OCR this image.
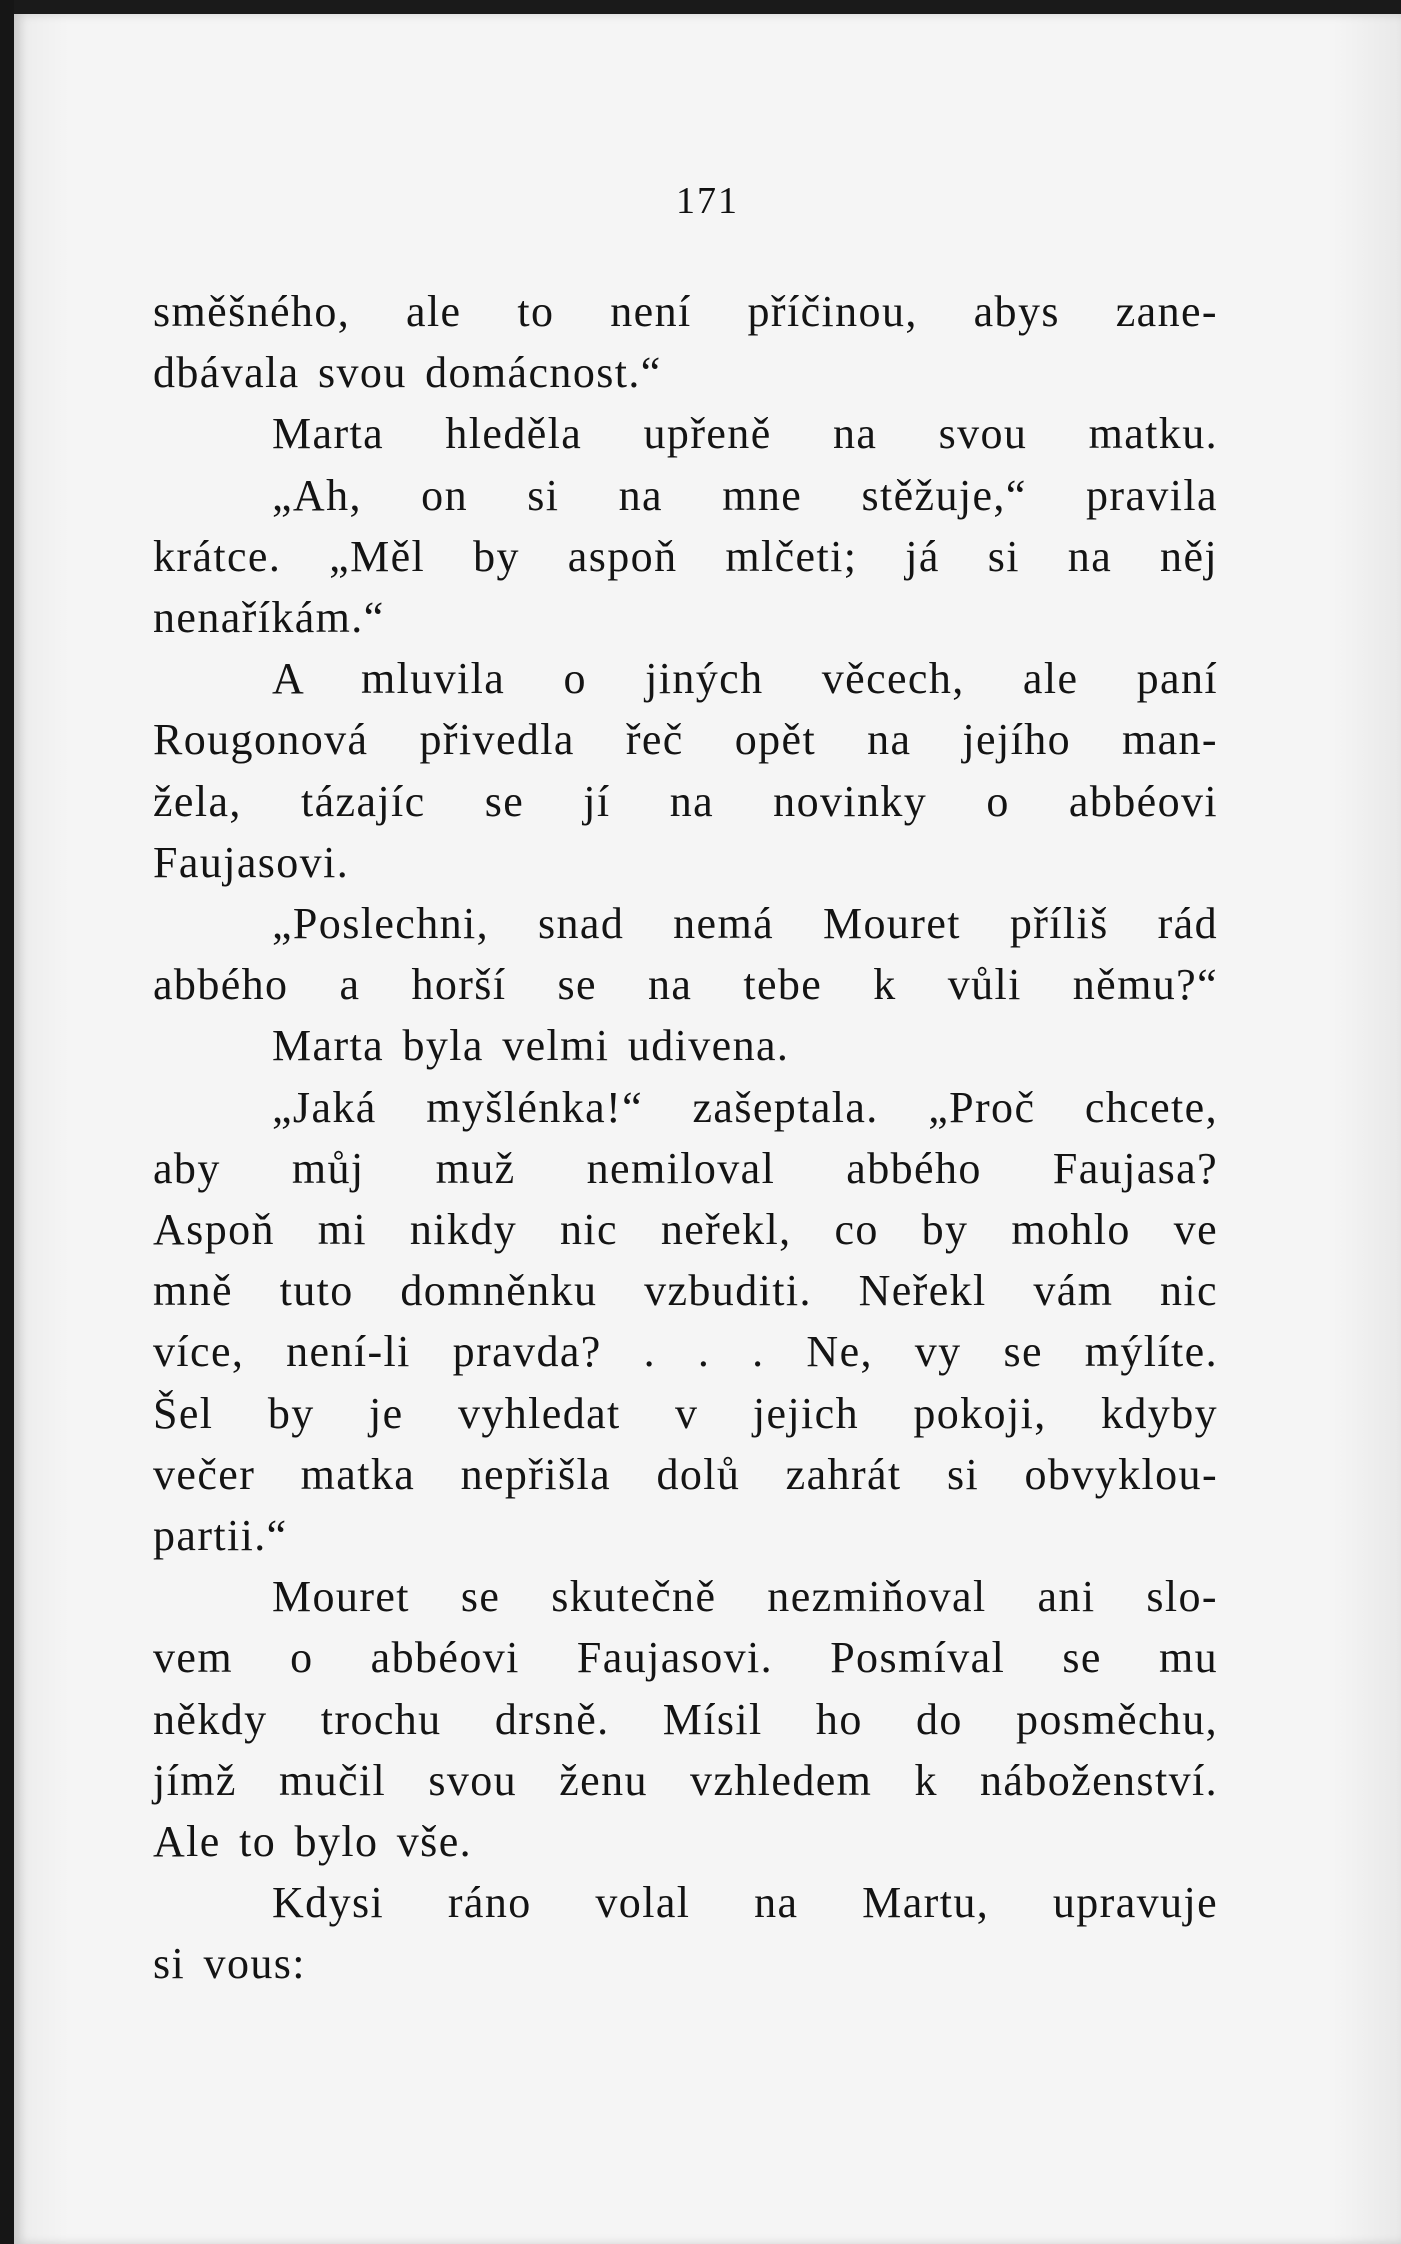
171
směšného, ale to není příčinou, abys zane-
dbávala svou domácnost.“
Marta hleděla upřeně na svou matku.
„Ah, on si na mne stěžuje,“ pravila
krátce. „Měl by aspoň mlčeti; já si na něj
nenaříkám.“
A mluvila o jiných věcech, ale paní
Rougonová přivedla řeč opět na jejího man-
žela, tázajíc se jí na novinky o abbéovi
Faujasovi.
„Poslechni, snad nemá Mouret příliš rád
abbého a horší se na tebe k vůli němu?“
Marta byla velmi udivena.
„Jaká myšlénka!“ zašeptala. „Proč chcete,
aby můj muž nemiloval abbého Faujasa?
Aspoň mi nikdy nic neřekl, co by mohlo ve
mně tuto domněnku vzbuditi. Neřekl vám nic
více, není-li pravda? . . . Ne, vy se mýlíte.
Šel by je vyhledat v jejich pokoji, kdyby
večer matka nepřišla dolů zahrát si obvyklou-
partii.“
Mouret se skutečně nezmiňoval ani slo-
vem o abbéovi Faujasovi. Posmíval se mu
někdy trochu drsně. Mísil ho do posměchu,
jímž mučil svou ženu vzhledem k náboženství.
Ale to bylo vše.
Kdysi ráno volal na Martu, upravuje
si vous:
